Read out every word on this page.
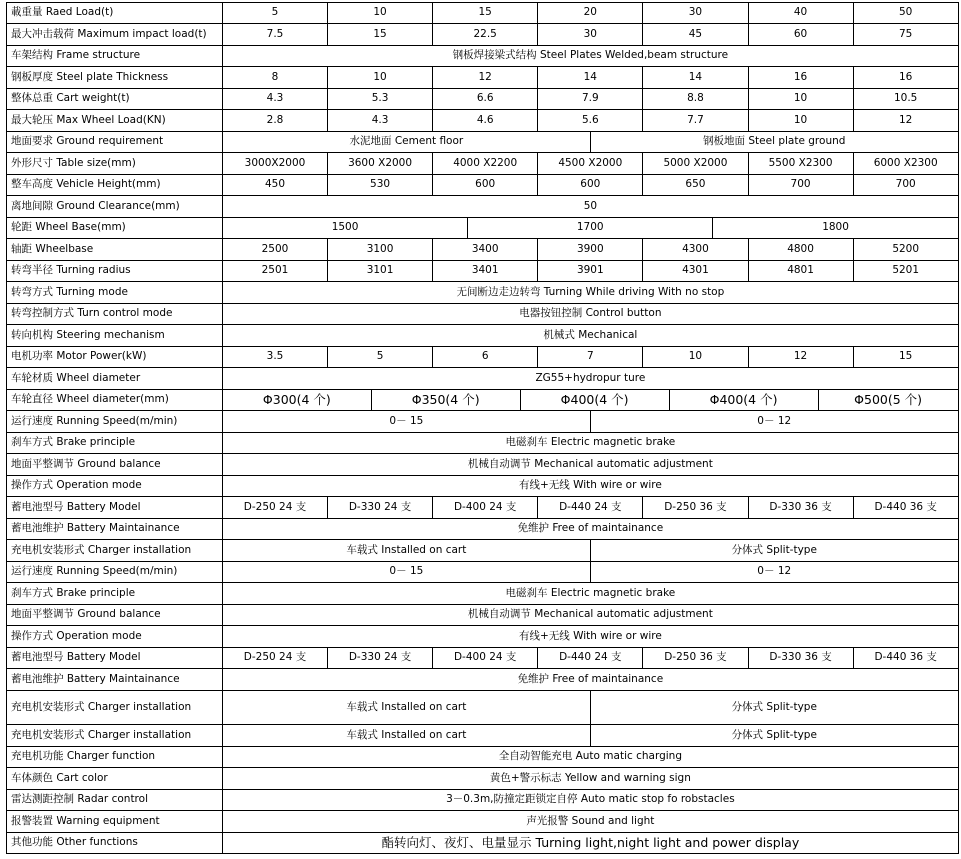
載重量 Raed Load(t)	5	10		15			20		30			40		50
最大冲击载荷 Maximum impact load(t)	7.5	15		22.5			30		45			60		75
车架结构 Frame structure	钢板焊接梁式结构 Steel Plates Welded,beam structure													
钢板厚度 Steel plate Thickness	8	10		12			14		14			16		16
整体总重 Cart weight(t)	4.3	5.3		6.6			7.9		8.8			10		10.5
最大轮压 Max Wheel Load(KN)	2.8	4.3		4.6			5.6		7.7			10		12
地面要求 Ground requirement	水泥地面 Cement floor							钢板地面 Steel plate ground						
外形尺寸 Table size(mm)	3000X2000	3600 X2000		4000 X2200			4500 X2000		5000 X2000			5500 X2300		6000 X2300
整车高度 Vehicle Height(mm)	450	530		600			600		650			700		700
离地间隙 Ground Clearance(mm)	50													
轮距 Wheel Base(mm)	1500				1700						1800			
轴距 Wheelbase	2500	3100		3400			3900		4300			4800		5200
转弯半径 Turning radius	2501	3101		3401			3901		4301			4801		5201
转弯方式 Turning mode	无间断边走边转弯 Turning While driving With no stop													
转弯控制方式 Turn control mode	电器按钮控制 Control button													
转向机构 Steering mechanism	机械式 Mechanical													
电机功率 Motor Power(kW)	3.5	5		6			7		10			12		15
车轮材质 Wheel diameter	ZG55+hydropur ture													
车轮直径 Wheel diameter(mm)	Φ300(4 个)		Φ350(4 个)			Φ400(4 个)				Φ400(4 个)			Φ500(5 个)	
运行速度 Running Speed(m/min)	0－ 15							0－ 12						
刹车方式 Brake principle	电磁刹车 Electric magnetic brake													
地面平整调节 Ground balance	机械自动调节 Mechanical automatic adjustment													
操作方式 Operation mode	有线+无线 With wire or wire													
蓄电池型号 Battery Model	D-250 24 支	D-330 24 支		D-400 24 支			D-440 24 支		D-250 36 支			D-330 36 支		D-440 36 支
蓄电池维护 Battery Maintainance	免维护 Free of maintainance													
充电机安装形式 Charger installation	车载式 Installed on cart							分体式 Split-type						
运行速度 Running Speed(m/min)	0－ 15							0－ 12						
刹车方式 Brake principle	电磁刹车 Electric magnetic brake													
地面平整调节 Ground balance	机械自动调节 Mechanical automatic adjustment													
操作方式 Operation mode	有线+无线 With wire or wire													
蓄电池型号 Battery Model	D-250 24 支	D-330 24 支		D-400 24 支			D-440 24 支		D-250 36 支			D-330 36 支		D-440 36 支
蓄电池维护 Battery Maintainance	免维护 Free of maintainance													
充电机安装形式 Charger installation	车载式 Installed on cart							分体式 Split-type						
充电机安装形式 Charger installation	车载式 Installed on cart							分体式 Split-type						
充电机功能 Charger function	全自动智能充电 Auto matic charging													
车体颜色 Cart color	黄色+警示标志 Yellow and warning sign													
雷达测距控制 Radar control	3－0.3m,防撞定距锁定自停 Auto matic stop fo robstacles													
报警装置 Warning equipment	声光报警 Sound and light													
其他功能 Other functions	酯转向灯、夜灯、电量显示 Turning light,night light and power display													
